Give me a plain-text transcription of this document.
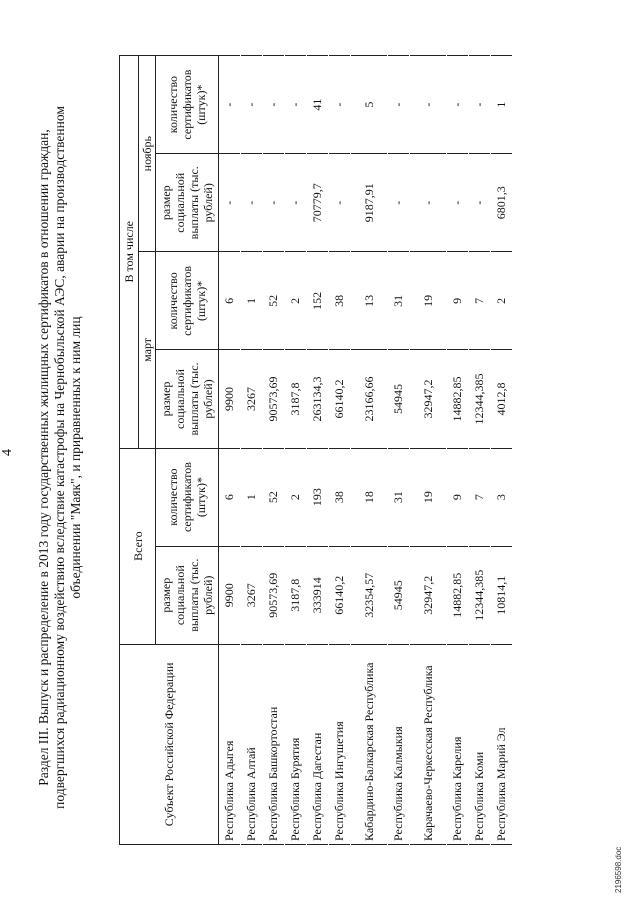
4 Раздел III. Выпуск и распределение в 2013 году государственных жилищных сертификатов в отношении граждан, подвергшихся радиационному воздействию вследствие катастрофы на Чернобыльской АЭС, аварии на производственном объединении "Маяк", и приравненных к ним лиц
Субъект Российской Федерации	Всего		В том числе			
			март		ноябрь	
	размер социальной выплаты (тыс. рублей)	количество сертификатов (штук)*	размер социальной выплаты (тыс. рублей)	количество сертификатов (штук)*	размер социальной выплаты (тыс. рублей)	количество сертификатов (штук)*
Республика Адыгея	9900	6	9900	6	-	-
Республика Алтай	3267	1	3267	1	-	-
Республика Башкортостан	90573,69	52	90573,69	52	-	-
Республика Бурятия	3187,8	2	3187,8	2	-	-
Республика Дагестан	333914	193	263134,3	152	70779,7	41
Республика Ингушетия	66140,2	38	66140,2	38	-	-
Кабардино-Балкарская Республика	32354,57	18	23166,66	13	9187,91	5
Республика Калмыкия	54945	31	54945	31	-	-
Карачаево-Черкесская Республика	32947,2	19	32947,2	19	-	-
Республика Карелия	14882,85	9	14882,85	9	-	-
Республика Коми	12344,385	7	12344,385	7	-	-
Республика Марий Эл	10814,1	3	4012,8	2	6801,3	1
2196598.doc
